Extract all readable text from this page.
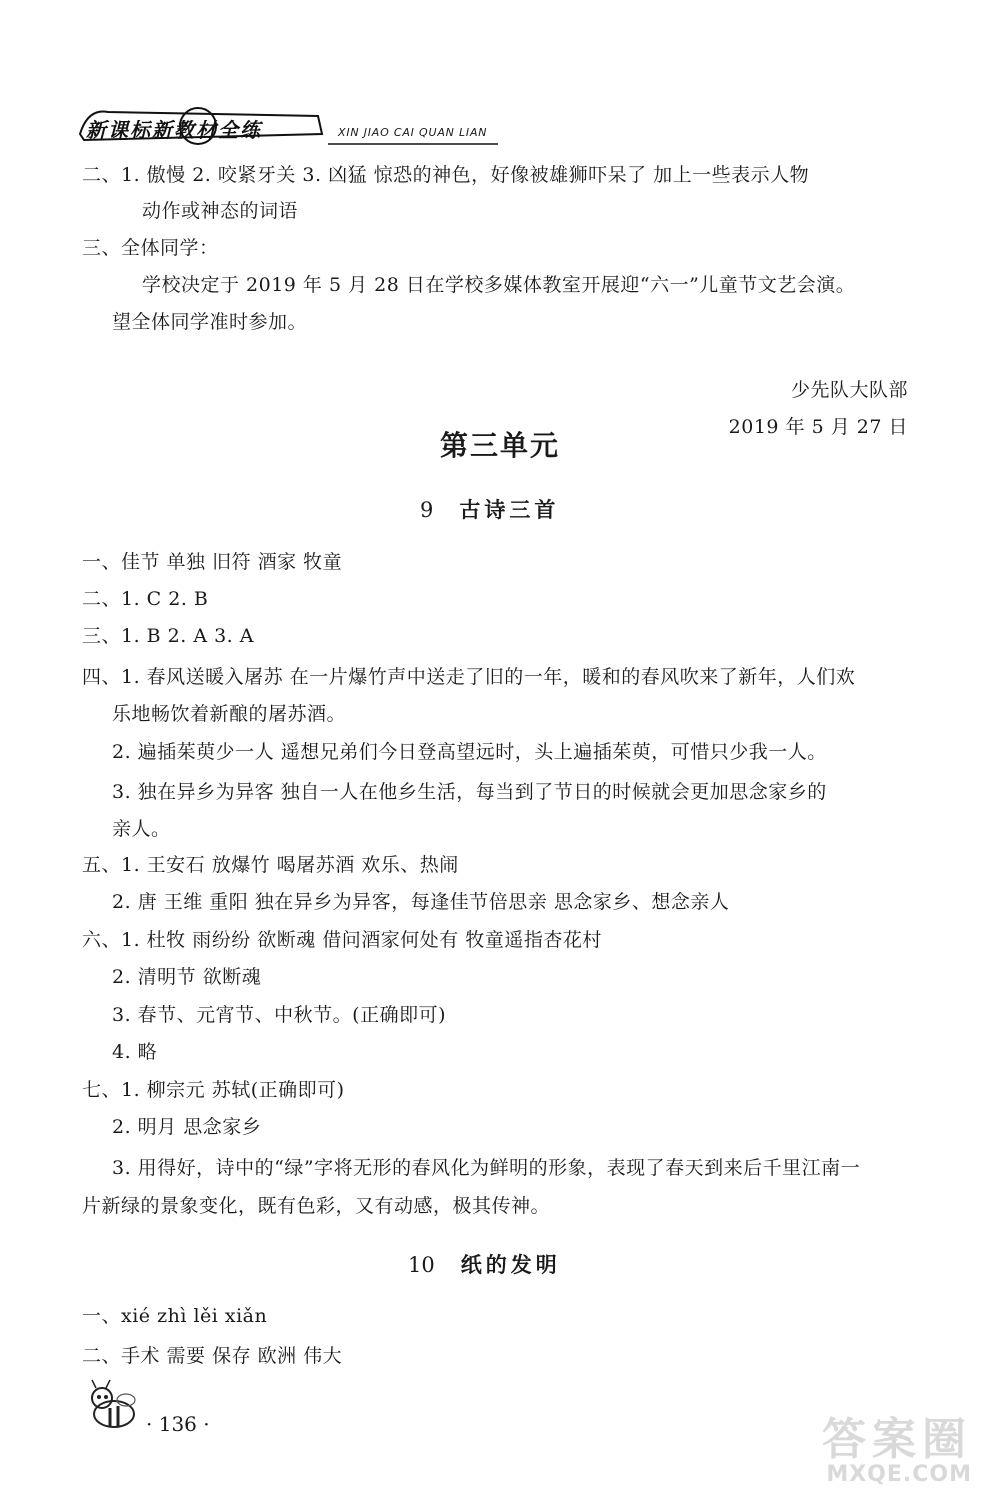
新课标新教材全练	XIN JIAO CAI QUAN LIAN
二、1. 傲慢 2. 咬紧牙关 3. 凶猛 惊恐的神色，好像被雄狮吓呆了 加上一些表示人物
动作或神态的词语
三、全体同学：
学校决定于 2019 年 5 月 28 日在学校多媒体教室开展迎“六一”儿童节文艺会演。
望全体同学准时参加。
少先队大队部
2019 年 5 月 27 日
第三单元
9 古诗三首
一、佳节 单独 旧符 酒家 牧童
二、1. C 2. B
三、1. B 2. A 3. A
四、1. 春风送暖入屠苏 在一片爆竹声中送走了旧的一年，暖和的春风吹来了新年，人们欢
乐地畅饮着新酿的屠苏酒。
2. 遍插茱萸少一人 遥想兄弟们今日登高望远时，头上遍插茱萸，可惜只少我一人。
3. 独在异乡为异客 独自一人在他乡生活，每当到了节日的时候就会更加思念家乡的
亲人。
五、1. 王安石 放爆竹 喝屠苏酒 欢乐、热闹
2. 唐 王维 重阳 独在异乡为异客，每逢佳节倍思亲 思念家乡、想念亲人
六、1. 杜牧 雨纷纷 欲断魂 借问酒家何处有 牧童遥指杏花村
2. 清明节 欲断魂
3. 春节、元宵节、中秋节。(正确即可)
4. 略
七、1. 柳宗元 苏轼(正确即可)
2. 明月 思念家乡
3. 用得好，诗中的“绿”字将无形的春风化为鲜明的形象，表现了春天到来后千里江南一
片新绿的景象变化，既有色彩，又有动感，极其传神。
10 纸的发明
一、xié zhì lěi xiǎn
二、手术 需要 保存 欧洲 伟大
· 136 ·	答案圈
MXQE.COM
